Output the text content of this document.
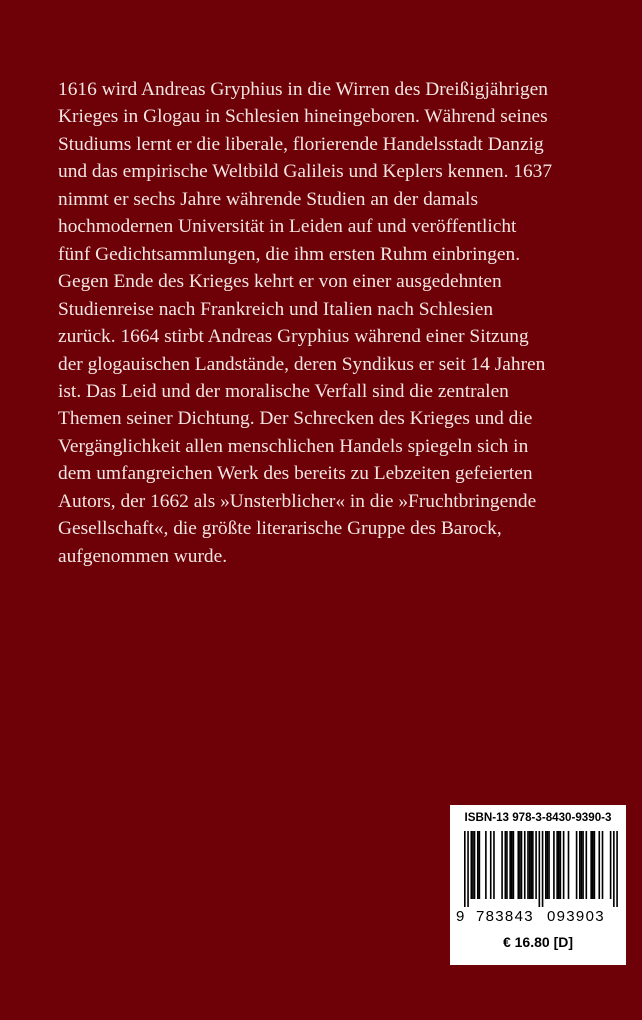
1616 wird Andreas Gryphius in die Wirren des Dreißigjährigen
Krieges in Glogau in Schlesien hineingeboren. Während seines
Studiums lernt er die liberale, florierende Handelsstadt Danzig
und das empirische Weltbild Galileis und Keplers kennen. 1637
nimmt er sechs Jahre währende Studien an der damals
hochmodernen Universität in Leiden auf und veröffentlicht
fünf Gedichtsammlungen, die ihm ersten Ruhm einbringen.
Gegen Ende des Krieges kehrt er von einer ausgedehnten
Studienreise nach Frankreich und Italien nach Schlesien
zurück. 1664 stirbt Andreas Gryphius während einer Sitzung
der glogauischen Landstände, deren Syndikus er seit 14 Jahren
ist. Das Leid und der moralische Verfall sind die zentralen
Themen seiner Dichtung. Der Schrecken des Krieges und die
Vergänglichkeit allen menschlichen Handels spiegeln sich in
dem umfangreichen Werk des bereits zu Lebzeiten gefeierten
Autors, der 1662 als »Unsterblicher« in die »Fruchtbringende
Gesellschaft«, die größte literarische Gruppe des Barock,
aufgenommen wurde.
ISBN-13 978-3-8430-9390-3
9 783843 093903
€ 16.80 [D]
